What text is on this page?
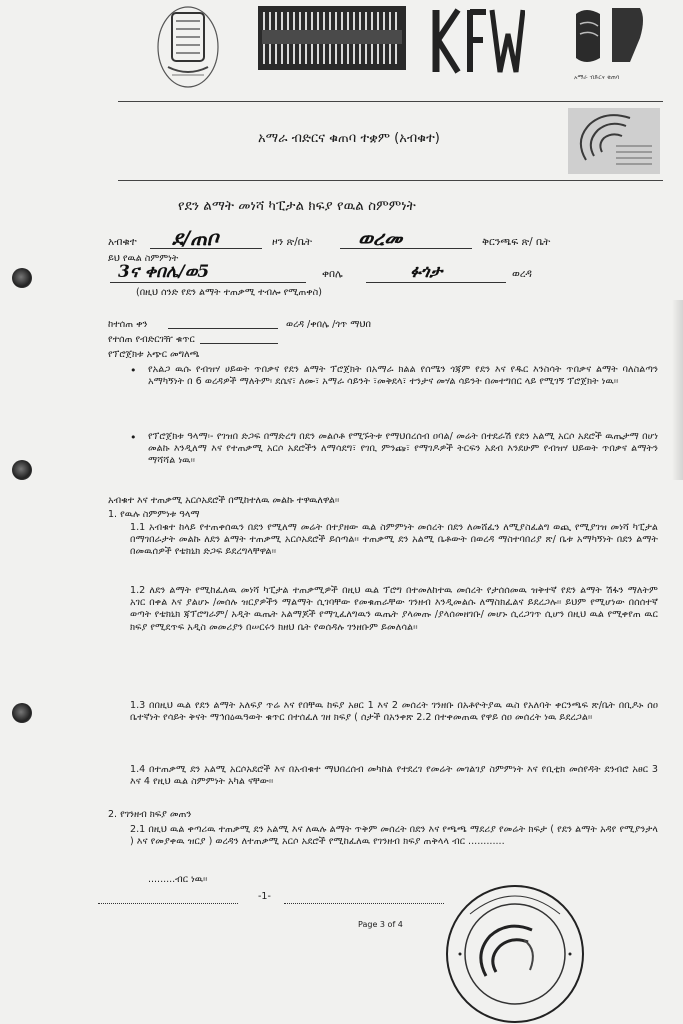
አማራ ብድርና ቁጠባ
አማራ ብድርና ቁጠባ ተቋም (አብቁተ)
የደን ልማት መነሻ ካፒታል ክፍያ የዉል ስምምነት
አብቁተ ደ/ጠቦ	ዞን ጽ/ቤት ወረመ	ቅርንጫፍ ጽ/ ቤት
ይህ የዉል ስምምነት
3ና ቀበሌ/ወ5	ቀበሌ	ፉጎታ	ወረዳ
(በዚህ ሰንድ የደን ልማት ተጠቃሚ ተብሎ የሚጠቀስ)
ከተሰጠ ቀን	ወረዳ /ቀበሌ /ጎጥ ማህበ
የተሰጠ የብድርገዥ ቁጥር
የፕሮጀክቱ አጭር መግለጫ
• የአልጋ ዉሱ የብዝሃ ሀይወት ጥበቃና የደን ልማት ፕሮጀክት በአማራ ክልል የሰሜን ጎጃም የደን እና የዱር እንስሳት ጥበቃና ልማት ባለስልጣን አማካኝነት በ 6 ወረዳዎች ማለትም፡ ደሴና፣ ለሙ፣ አማራ ሳይንት ፣መቅደላ፣ ተንታና መሃል ሳይንት በመተግበር ላይ የሚገኝ ፕሮጀክት ነዉ፡፡
• የፕሮጀክቱ ዓላማ፡- የገዝበ ድጋፍ በማድረግ በደን መልሶቶ የሚኙትቱ የማህበረሰብ ዐባል/ መሬት በተደራሽ የደን አልሚ አርሶ አደሮች ዉጤታማ በሆነ መልኩ እንዲለማ እና የተጠቃሚ አርሶ አደሮችን ለማሳደግ፣ የገቢ ምንጩ፣ የማገዶዎች ትርፍን አደብ እንደሁም የብዝሃ ህይወት ጥበቃና ልማትን ማሻሻል ነዉ፡፡
አብቁተ እና ተጠቃሚ አርሶአደሮች በሚከተለዉ መልኩ ተዋዉለዋል፡፡
1. የዉሉ ስምምነቱ ዓላማ
1.1 አብቁተ ከላይ የተጠቀሰዉን በደን የሚለማ መሬት በተያዘው ዉል ስምምነት መሰረት በደን ለመሸፈን ለሚያስፈልግ ወጪ የሚያገዝ መነሻ ካፒታል በማገበራታት መልኩ ለደን ልማት ተጠቃሚ አርሶአደሮች ይሰጣል፡፡ ተጠቃሚ ደን አልሚ ቤቶውት በወረዳ ማስተባበሪያ ጽ/ ቤቱ አማካኝነት በደን ልማት በመዉሰዎች የቴክኒክ ድጋፍ ይደረግላቸዋል፡፡
1.2 ለደን ልማት የሚከፈለዉ መነሻ ካፒታል ተጠቃሚዎች በዚህ ዉል ፕሮግ በተመለከተዉ መሰረት የታሰሰመዉ ዝቅተኛ የደን ልማት ሽፋን ማለትም አገር በቀል እና ያልሆኑ /መሰሉ ዝርያዎችን ማልማት ሲገባቸው የመቁጠራቸው ገንዘብ እንዲመልሱ ለማስክፈልና ይደረጋሉ፡፡ ይህም የሚሆነው በሰሰተኛ ወጣት የቴክኒክ ጃፕሮግራም/ አዲት ዉጤት አልማጆች የማጊፈለግዉን ዉጤት ያላመጡ /ያላሰመዘገቡ/ መሆኑ ሲረጋገጥ ሲሆን በዚህ ዉል የሚቀየጠ ዉር ክፍያ የሚደጥፍ አዲስ መመሪያን በሠርሩን ክዘህ ቤት የወሰዳሉ ገንዘቡም ይመለሳል፡፡
1.3 በበዚህ ዉል የደን ልማት አለፍያ ጥሬ እና የበቸዉ ከፍያ አፀር 1 እና 2 መሰረት ገንዘቡ በአቶዮትያዉ ዉስ የአለባት ቀርንጫፍ ጽ/ቤት በቢዶኑ ሰዐ ቤተኛነት የሳይት ቅናት ማኅበዕዉዓወት ቁጥር በተሰፈለ ገዘ ክፍያ ( ሰታች በአንቀጽ 2.2 በተቀመጠዉ የዋይ ሰዐ መሰረት ነዉ ይደረጋል፡፡
1.4 በተጠቃሚ ደን አልሚ አርሶአደሮች እና በአብቁተ ማህበረሰብ መካከል የተደረገ የመሬት መገልገያ ስምምነት እና የቢቲክ መሰየዳት ደንብሮ አፀር 3 እና 4 የዚህ ዉል ስምምነት አካል ናቸው፡፡
2. የገንዘብ ክፍያ መጠን
2.1 በዚህ ዉል ቀጣሪዉ ተጠቃሚ ደን አልሚ እና ለዉሉ ልማት ጥቅም መሰረት በደን እና የጫጫ ማደሪያ የመሬት ክፍታ ( የደን ልማት አዳየ የሚያንታላ ) እና የመያቀዉ ዝርያ ) ወረዳን ለተጠቃሚ አርሶ አደሮች የሚከፈለዉ የገንዘብ ክፍያ ጠቅላላ ብር ............
.........ብር ነዉ፡፡
-1-
Page 3 of 4
